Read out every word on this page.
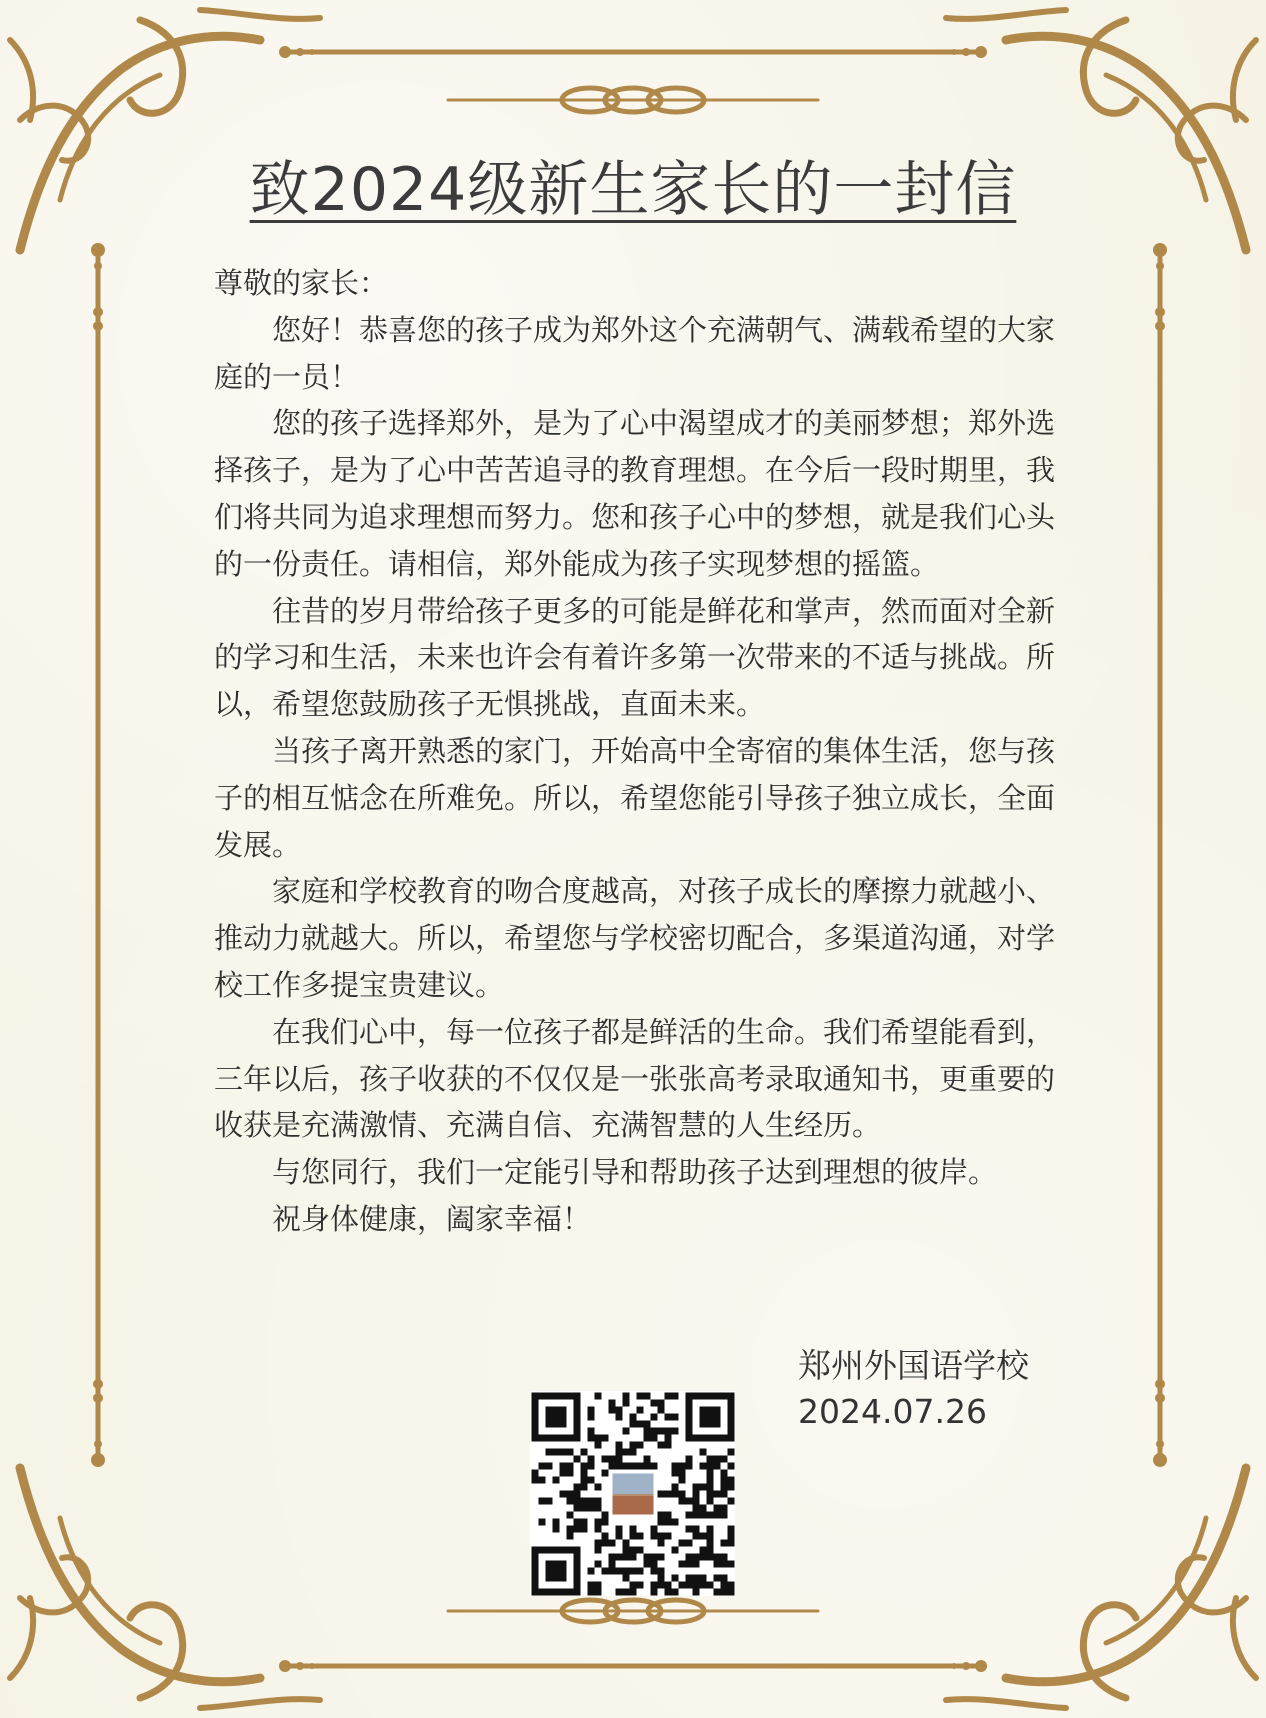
致2024级新生家长的一封信

尊敬的家长：

您好！恭喜您的孩子成为郑外这个充满朝气、满载希望的大家庭的一员！

您的孩子选择郑外，是为了心中渴望成才的美丽梦想；郑外选择孩子，是为了心中苦苦追寻的教育理想。在今后一段时期里，我们将共同为追求理想而努力。您和孩子心中的梦想，就是我们心头的一份责任。请相信，郑外能成为孩子实现梦想的摇篮。

往昔的岁月带给孩子更多的可能是鲜花和掌声，然而面对全新的学习和生活，未来也许会有着许多第一次带来的不适与挑战。所以，希望您鼓励孩子无惧挑战，直面未来。

当孩子离开熟悉的家门，开始高中全寄宿的集体生活，您与孩子的相互惦念在所难免。所以，希望您能引导孩子独立成长，全面发展。

家庭和学校教育的吻合度越高，对孩子成长的摩擦力就越小、推动力就越大。所以，希望您与学校密切配合，多渠道沟通，对学校工作多提宝贵建议。

在我们心中，每一位孩子都是鲜活的生命。我们希望能看到，三年以后，孩子收获的不仅仅是一张张高考录取通知书，更重要的收获是充满激情、充满自信、充满智慧的人生经历。

与您同行，我们一定能引导和帮助孩子达到理想的彼岸。

祝身体健康，阖家幸福！

郑州外国语学校
2024.07.26
